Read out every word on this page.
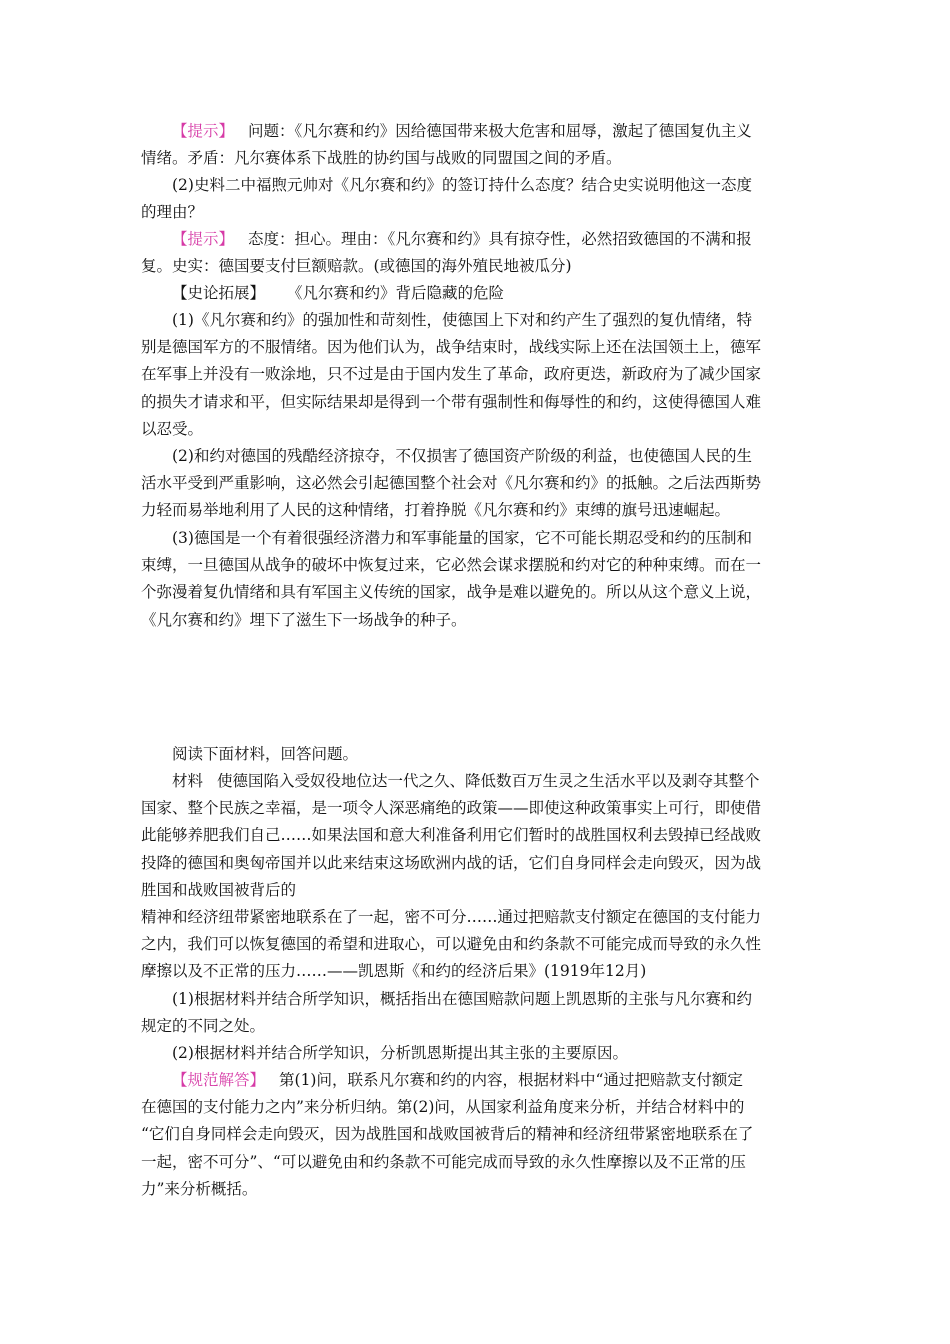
【提示】 问题：《凡尔赛和约》因给德国带来极大危害和屈辱，激起了德国复仇主义
情绪。矛盾：凡尔赛体系下战胜的协约国与战败的同盟国之间的矛盾。

(2)史料二中福煦元帅对《凡尔赛和约》的签订持什么态度？结合史实说明他这一态度
的理由？

【提示】 态度：担心。理由：《凡尔赛和约》具有掠夺性，必然招致德国的不满和报
复。史实：德国要支付巨额赔款。(或德国的海外殖民地被瓜分)

【史论拓展】 《凡尔赛和约》背后隐藏的危险

(1)《凡尔赛和约》的强加性和苛刻性，使德国上下对和约产生了强烈的复仇情绪，特
别是德国军方的不服情绪。因为他们认为，战争结束时，战线实际上还在法国领土上，德军
在军事上并没有一败涂地，只不过是由于国内发生了革命，政府更迭，新政府为了减少国家
的损失才请求和平，但实际结果却是得到一个带有强制性和侮辱性的和约，这使得德国人难
以忍受。

(2)和约对德国的残酷经济掠夺，不仅损害了德国资产阶级的利益，也使德国人民的生
活水平受到严重影响，这必然会引起德国整个社会对《凡尔赛和约》的抵触。之后法西斯势
力轻而易举地利用了人民的这种情绪，打着挣脱《凡尔赛和约》束缚的旗号迅速崛起。

(3)德国是一个有着很强经济潜力和军事能量的国家，它不可能长期忍受和约的压制和
束缚，一旦德国从战争的破坏中恢复过来，它必然会谋求摆脱和约对它的种种束缚。而在一
个弥漫着复仇情绪和具有军国主义传统的国家，战争是难以避免的。所以从这个意义上说，
《凡尔赛和约》埋下了滋生下一场战争的种子。

阅读下面材料，回答问题。

材料 使德国陷入受奴役地位达一代之久、降低数百万生灵之生活水平以及剥夺其整个
国家、整个民族之幸福，是一项令人深恶痛绝的政策——即使这种政策事实上可行，即使借
此能够养肥我们自己……如果法国和意大利准备利用它们暂时的战胜国权利去毁掉已经战败
投降的德国和奥匈帝国并以此来结束这场欧洲内战的话，它们自身同样会走向毁灭，因为战
胜国和战败国被背后的
精神和经济纽带紧密地联系在了一起，密不可分……通过把赔款支付额定在德国的支付能力
之内，我们可以恢复德国的希望和进取心，可以避免由和约条款不可能完成而导致的永久性
摩擦以及不正常的压力……——凯恩斯《和约的经济后果》(1919年12月)

(1)根据材料并结合所学知识，概括指出在德国赔款问题上凯恩斯的主张与凡尔赛和约
规定的不同之处。

(2)根据材料并结合所学知识，分析凯恩斯提出其主张的主要原因。

【规范解答】 第(1)问，联系凡尔赛和约的内容，根据材料中“通过把赔款支付额定
在德国的支付能力之内”来分析归纳。第(2)问，从国家利益角度来分析，并结合材料中的
“它们自身同样会走向毁灭，因为战胜国和战败国被背后的精神和经济纽带紧密地联系在了
一起，密不可分”、“可以避免由和约条款不可能完成而导致的永久性摩擦以及不正常的压
力”来分析概括。
